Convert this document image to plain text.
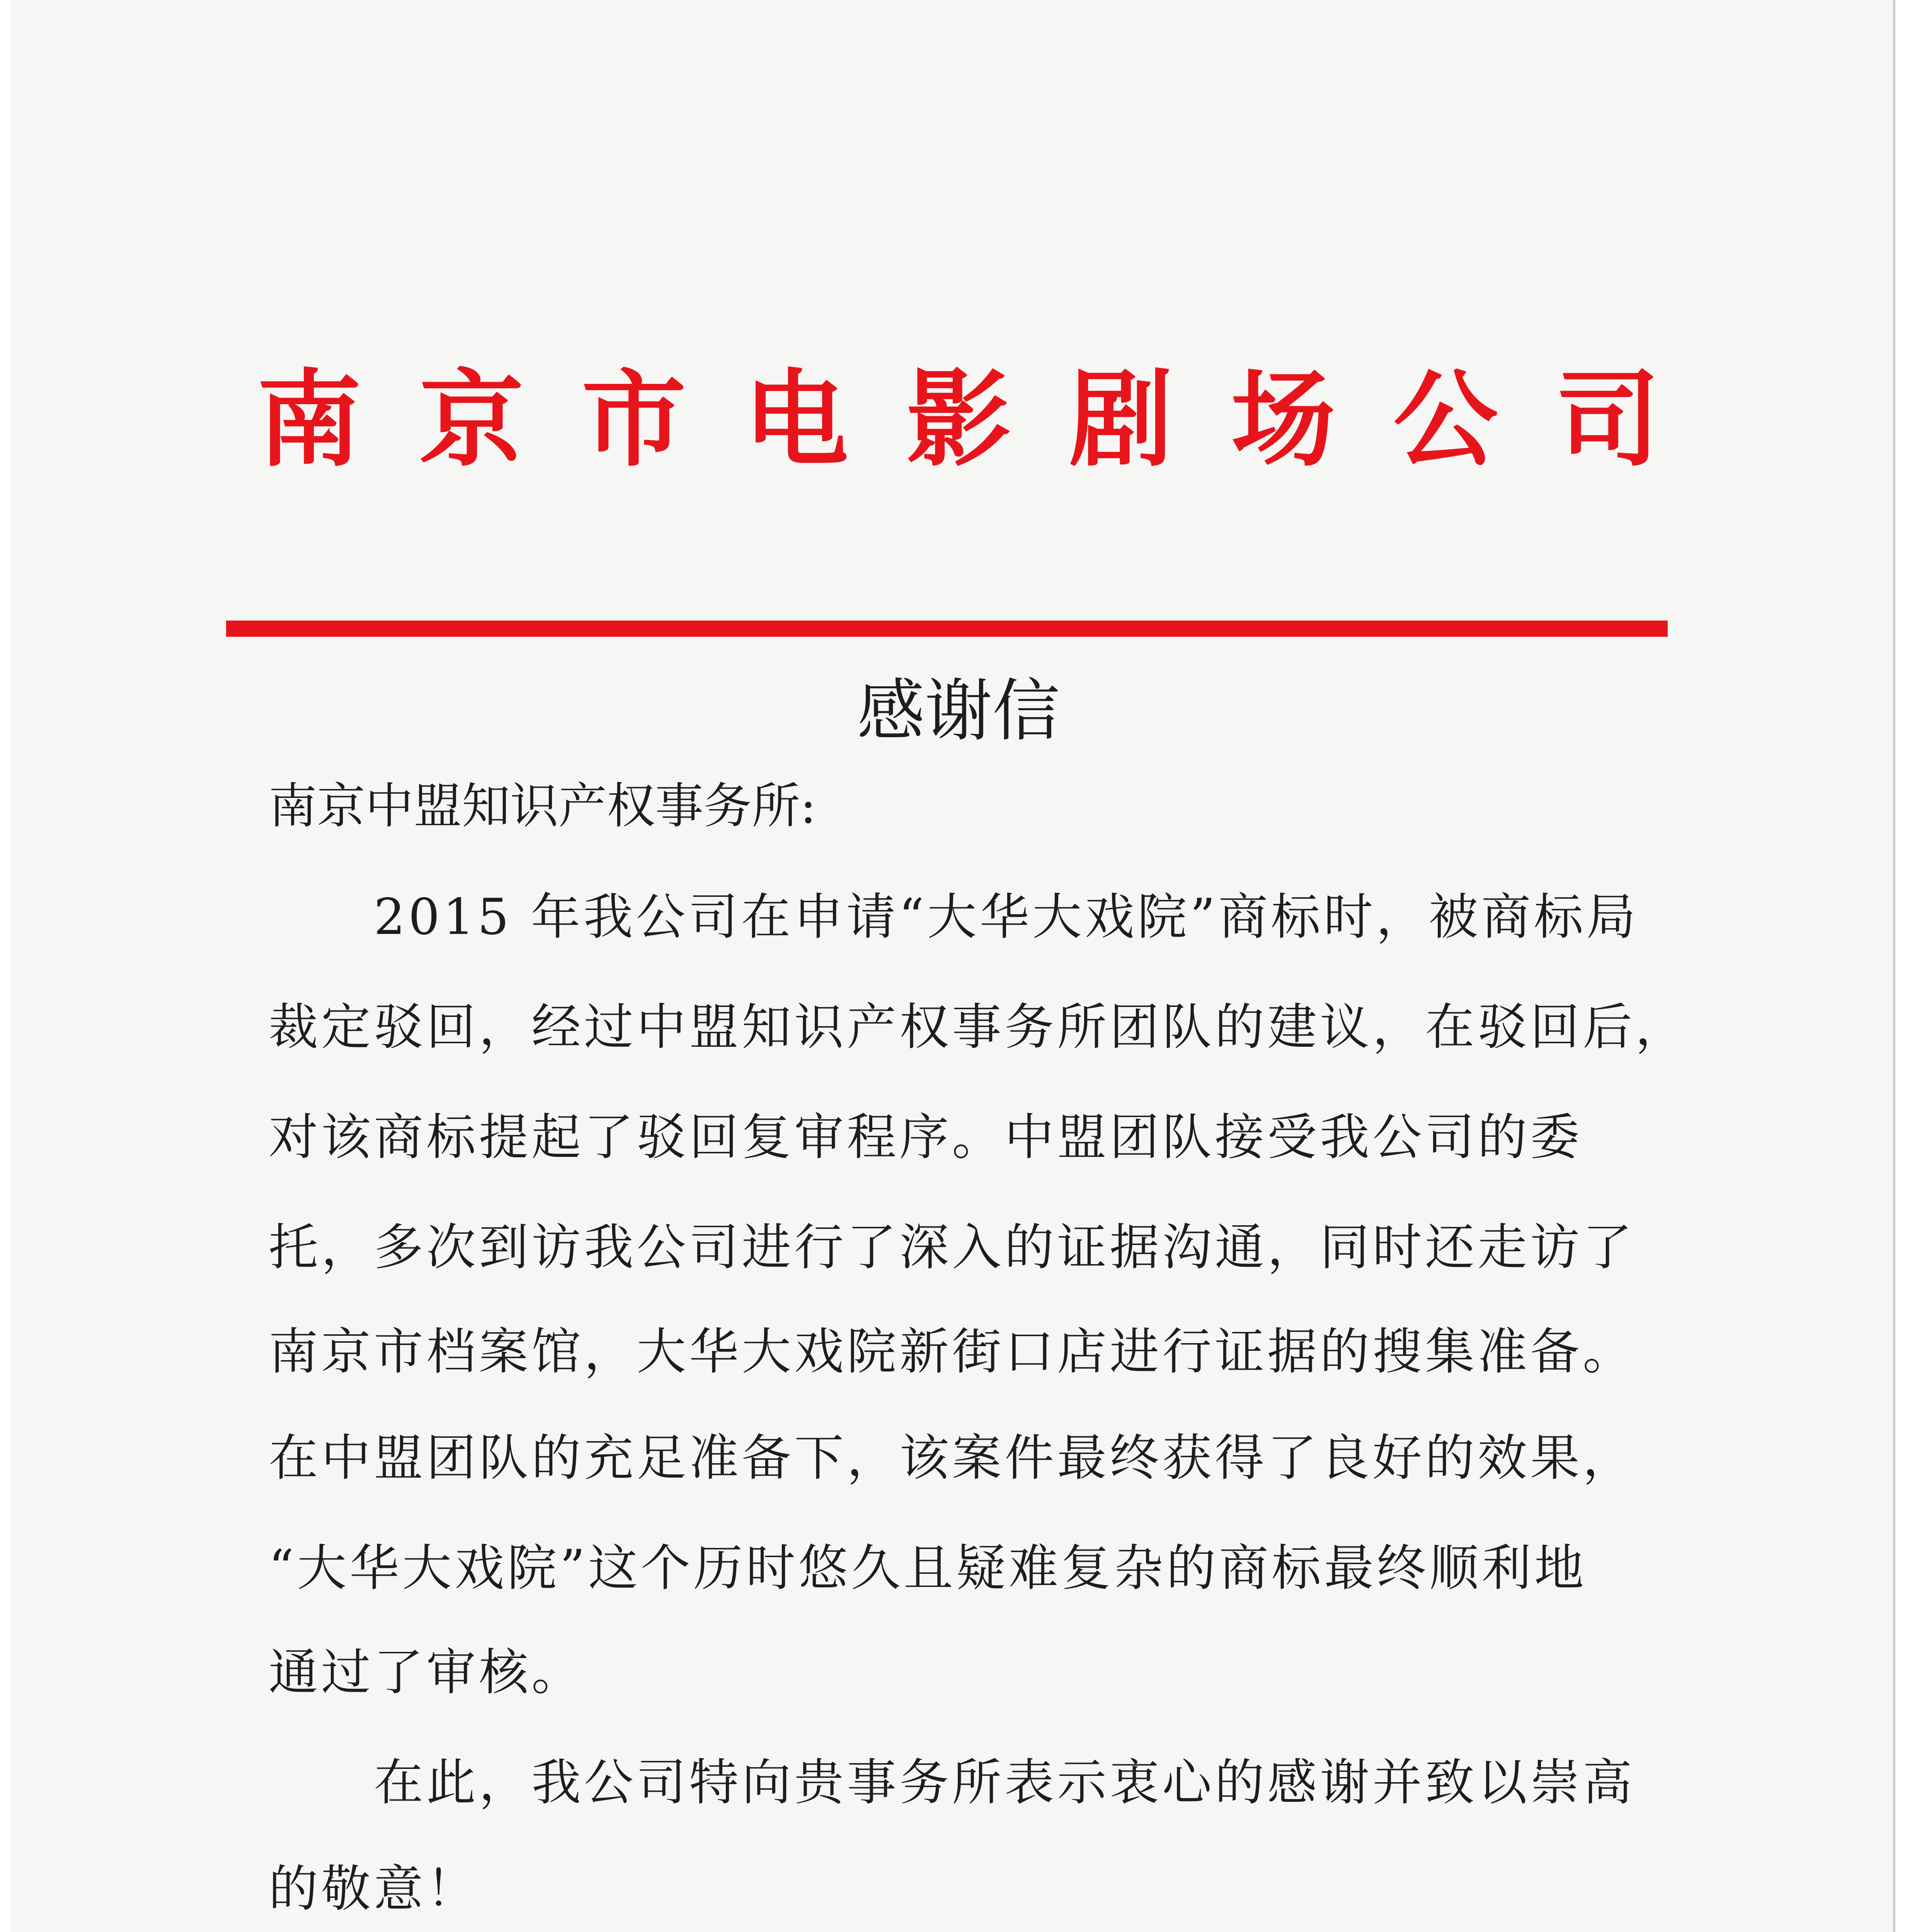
南京市电影剧场公司
感谢信
南京中盟知识产权事务所:
　　2015 年我公司在申请“大华大戏院”商标时，被商标局
裁定驳回，经过中盟知识产权事务所团队的建议，在驳回后，
对该商标提起了驳回复审程序。中盟团队接受我公司的委
托，多次到访我公司进行了深入的证据沟通，同时还走访了
南京市档案馆，大华大戏院新街口店进行证据的搜集准备。
在中盟团队的充足准备下，该案件最终获得了良好的效果，
“大华大戏院”这个历时悠久且疑难复杂的商标最终顺利地
通过了审核。
　　在此，我公司特向贵事务所表示衷心的感谢并致以崇高
的敬意！
